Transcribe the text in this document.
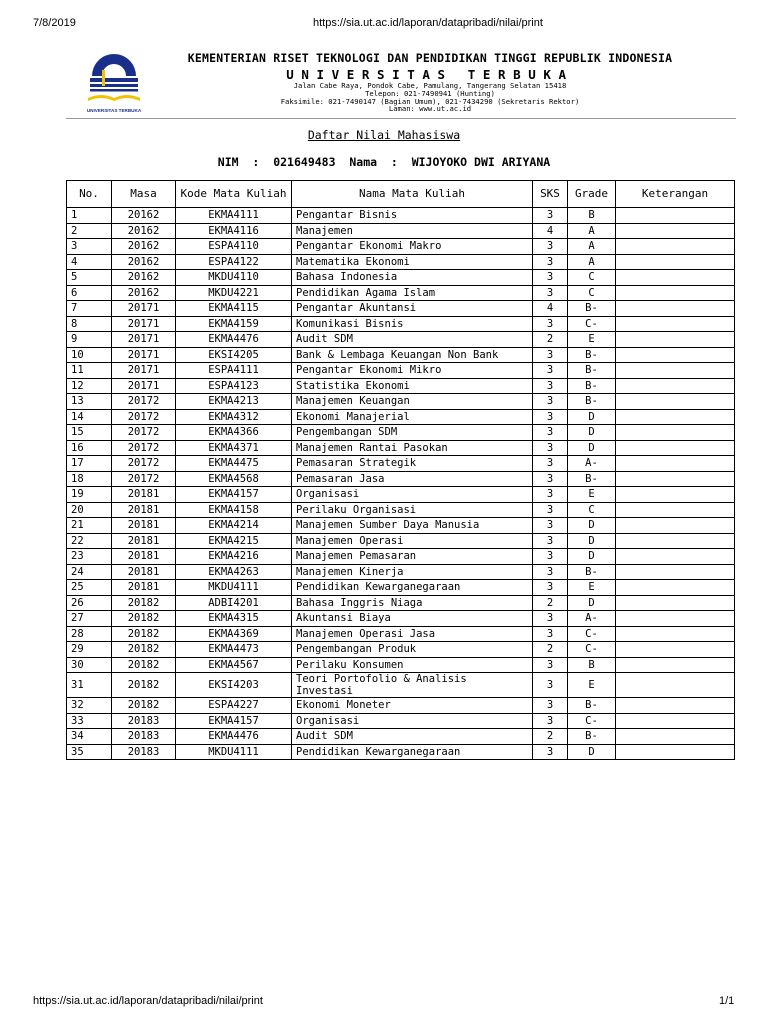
7/8/2019	https://sia.ut.ac.id/laporan/datapribadi/nilai/print
UNIVERSITAS TERBUKA
KEMENTERIAN RISET TEKNOLOGI DAN PENDIDIKAN TINGGI REPUBLIK INDONESIA
UNIVERSITAS TERBUKA
Jalan Cabe Raya, Pondok Cabe, Pamulang, Tangerang Selatan 15418
Telepon: 021-7490941 (Hunting)
Faksimile: 021-7490147 (Bagian Umum), 021-7434290 (Sekretaris Rektor)
Laman: www.ut.ac.id
Daftar Nilai Mahasiswa
NIM  :  021649483 Nama  :  WIJOYOKO DWI ARIYANA
No.	Masa	Kode Mata Kuliah	Nama Mata Kuliah	SKS	Grade	Keterangan
1	20162	EKMA4111	Pengantar Bisnis	3	B	
2	20162	EKMA4116	Manajemen	4	A	
3	20162	ESPA4110	Pengantar Ekonomi Makro	3	A	
4	20162	ESPA4122	Matematika Ekonomi	3	A	
5	20162	MKDU4110	Bahasa Indonesia	3	C	
6	20162	MKDU4221	Pendidikan Agama Islam	3	C	
7	20171	EKMA4115	Pengantar Akuntansi	4	B-	
8	20171	EKMA4159	Komunikasi Bisnis	3	C-	
9	20171	EKMA4476	Audit SDM	2	E	
10	20171	EKSI4205	Bank & Lembaga Keuangan Non Bank	3	B-	
11	20171	ESPA4111	Pengantar Ekonomi Mikro	3	B-	
12	20171	ESPA4123	Statistika Ekonomi	3	B-	
13	20172	EKMA4213	Manajemen Keuangan	3	B-	
14	20172	EKMA4312	Ekonomi Manajerial	3	D	
15	20172	EKMA4366	Pengembangan SDM	3	D	
16	20172	EKMA4371	Manajemen Rantai Pasokan	3	D	
17	20172	EKMA4475	Pemasaran Strategik	3	A-	
18	20172	EKMA4568	Pemasaran Jasa	3	B-	
19	20181	EKMA4157	Organisasi	3	E	
20	20181	EKMA4158	Perilaku Organisasi	3	C	
21	20181	EKMA4214	Manajemen Sumber Daya Manusia	3	D	
22	20181	EKMA4215	Manajemen Operasi	3	D	
23	20181	EKMA4216	Manajemen Pemasaran	3	D	
24	20181	EKMA4263	Manajemen Kinerja	3	B-	
25	20181	MKDU4111	Pendidikan Kewarganegaraan	3	E	
26	20182	ADBI4201	Bahasa Inggris Niaga	2	D	
27	20182	EKMA4315	Akuntansi Biaya	3	A-	
28	20182	EKMA4369	Manajemen Operasi Jasa	3	C-	
29	20182	EKMA4473	Pengembangan Produk	2	C-	
30	20182	EKMA4567	Perilaku Konsumen	3	B	
31	20182	EKSI4203	Teori Portofolio & Analisis Investasi	3	E	
32	20182	ESPA4227	Ekonomi Moneter	3	B-	
33	20183	EKMA4157	Organisasi	3	C-	
34	20183	EKMA4476	Audit SDM	2	B-	
35	20183	MKDU4111	Pendidikan Kewarganegaraan	3	D	
https://sia.ut.ac.id/laporan/datapribadi/nilai/print	1/1
